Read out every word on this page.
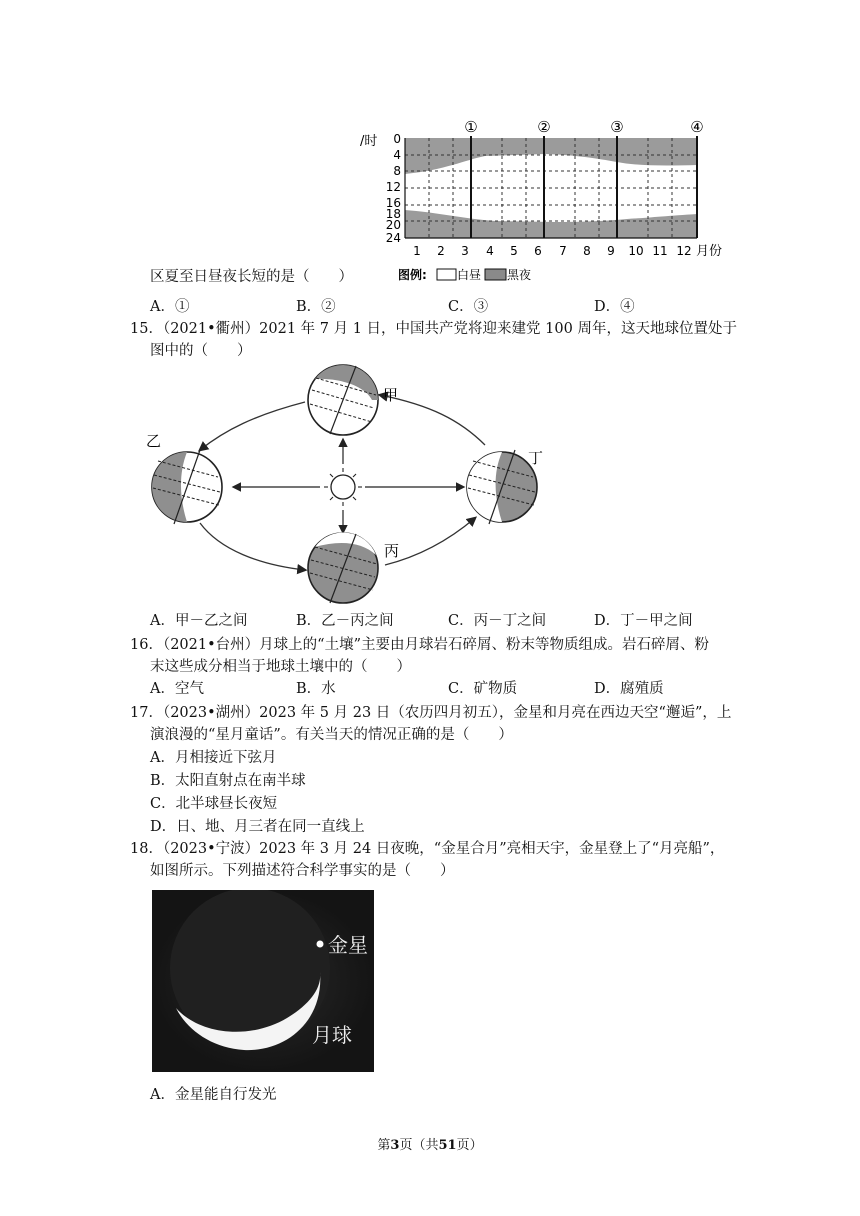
/时 0
4
8
12
16
18
20
24
1 2 3 4 5 6 7 8 9 10 11 12 月份
①	②	③	④
图例:	白昼 黑夜
区夏至日昼夜长短的是（　　）
A．①	B．②	C．③	D．④
15．（2021•衢州）2021 年 7 月 1 日，中国共产党将迎来建党 100 周年，这天地球位置处于
图中的（　　）
甲
乙
丙
丁
A．甲－乙之间	B．乙－丙之间	C．丙－丁之间	D．丁－甲之间
16．（2021•台州）月球上的“土壤”主要由月球岩石碎屑、粉末等物质组成。岩石碎屑、粉
末这些成分相当于地球土壤中的（　　）
A．空气	B．水	C．矿物质	D．腐殖质
17．（2023•湖州）2023 年 5 月 23 日（农历四月初五），金星和月亮在西边天空“邂逅”，上
演浪漫的“星月童话”。有关当天的情况正确的是（　　）
A．月相接近下弦月
B．太阳直射点在南半球
C．北半球昼长夜短
D．日、地、月三者在同一直线上
18．（2023•宁波）2023 年 3 月 24 日夜晚，“金星合月”亮相天宇，金星登上了“月亮船”，
如图所示。下列描述符合科学事实的是（　　）
金星
月球
A．金星能自行发光
第3页（共51页）
